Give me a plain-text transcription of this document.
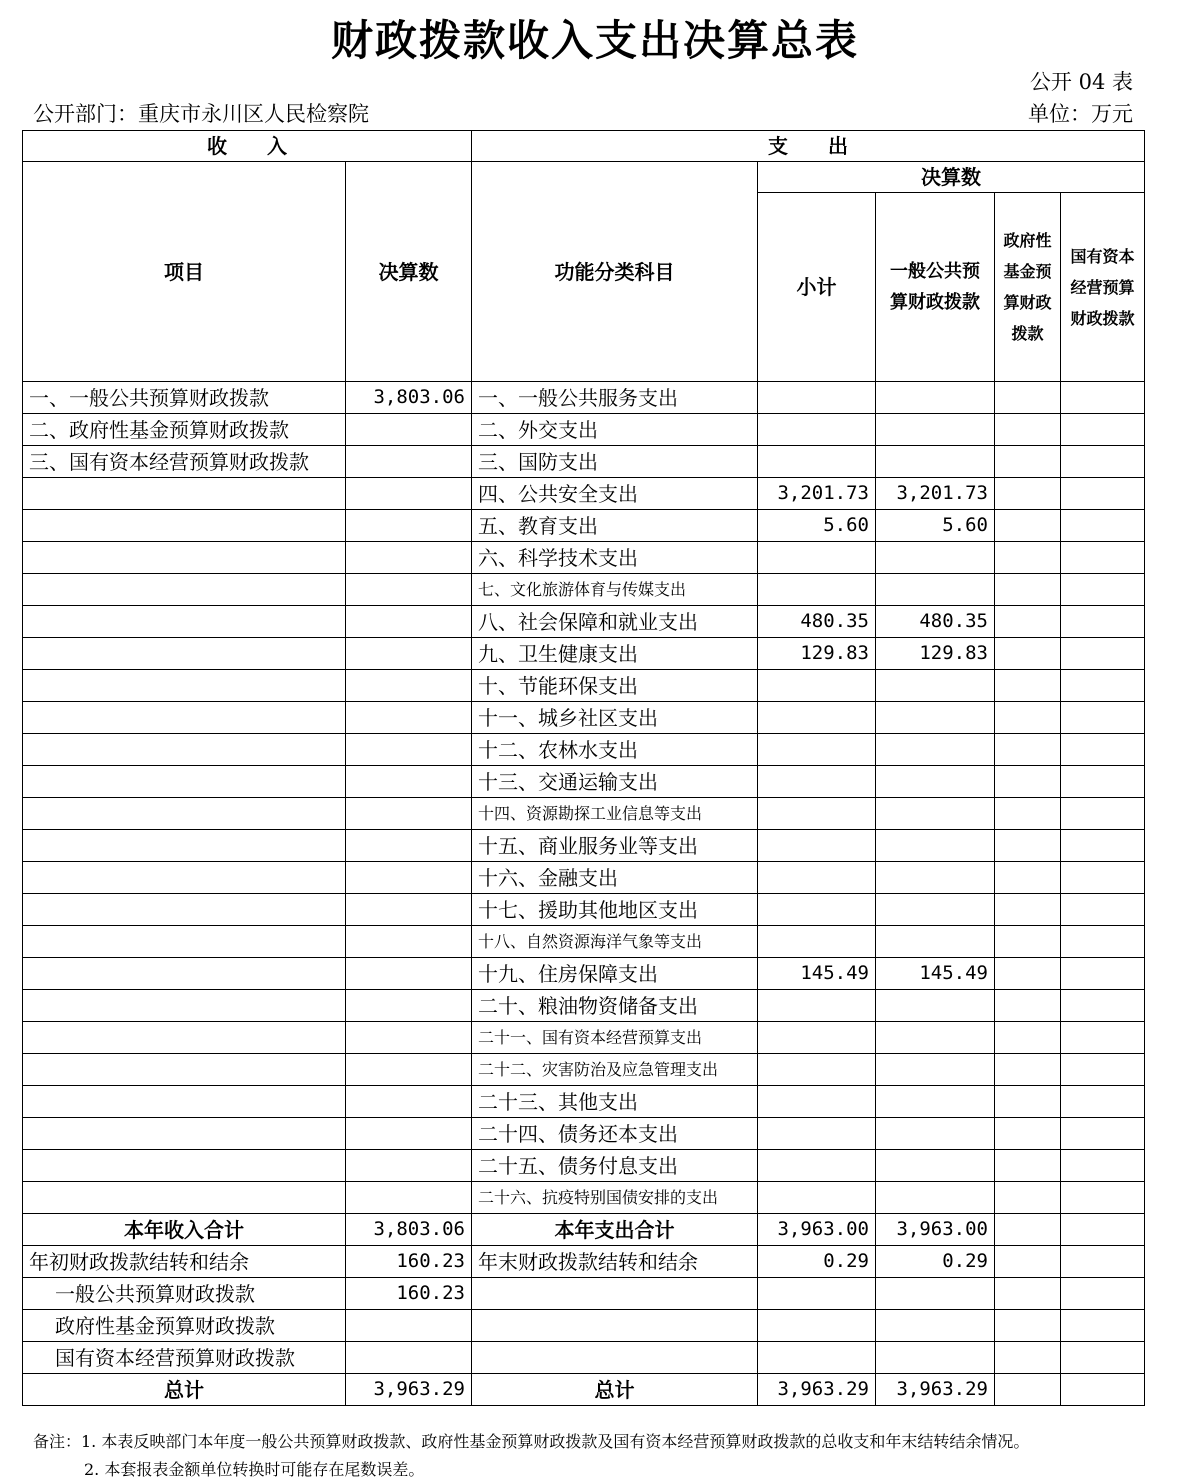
财政拨款收入支出决算总表
公开 04 表
公开部门：重庆市永川区人民检察院	单位：万元
收　　入		支　　出				
项目	决算数	功能分类科目	决算数			
			小计	一般公共预算财政拨款	政府性基金预算财政拨款	国有资本经营预算财政拨款
一、一般公共预算财政拨款	3,803.06	一、一般公共服务支出				
二、政府性基金预算财政拨款		二、外交支出				
三、国有资本经营预算财政拨款		三、国防支出				
		四、公共安全支出	3,201.73	3,201.73		
		五、教育支出	5.60	5.60		
		六、科学技术支出				
		七、文化旅游体育与传媒支出				
		八、社会保障和就业支出	480.35	480.35		
		九、卫生健康支出	129.83	129.83		
		十、节能环保支出				
		十一、城乡社区支出				
		十二、农林水支出				
		十三、交通运输支出				
		十四、资源勘探工业信息等支出				
		十五、商业服务业等支出				
		十六、金融支出				
		十七、援助其他地区支出				
		十八、自然资源海洋气象等支出				
		十九、住房保障支出	145.49	145.49		
		二十、粮油物资储备支出				
		二十一、国有资本经营预算支出				
		二十二、灾害防治及应急管理支出				
		二十三、其他支出				
		二十四、债务还本支出				
		二十五、债务付息支出				
		二十六、抗疫特别国债安排的支出				
本年收入合计	3,803.06	本年支出合计	3,963.00	3,963.00		
年初财政拨款结转和结余	160.23	年末财政拨款结转和结余	0.29	0.29		
一般公共预算财政拨款	160.23					
政府性基金预算财政拨款						
国有资本经营预算财政拨款						
总计	3,963.29	总计	3,963.29	3,963.29		
备注：1. 本表反映部门本年度一般公共预算财政拨款、政府性基金预算财政拨款及国有资本经营预算财政拨款的总收支和年末结转结余情况。
2. 本套报表金额单位转换时可能存在尾数误差。
